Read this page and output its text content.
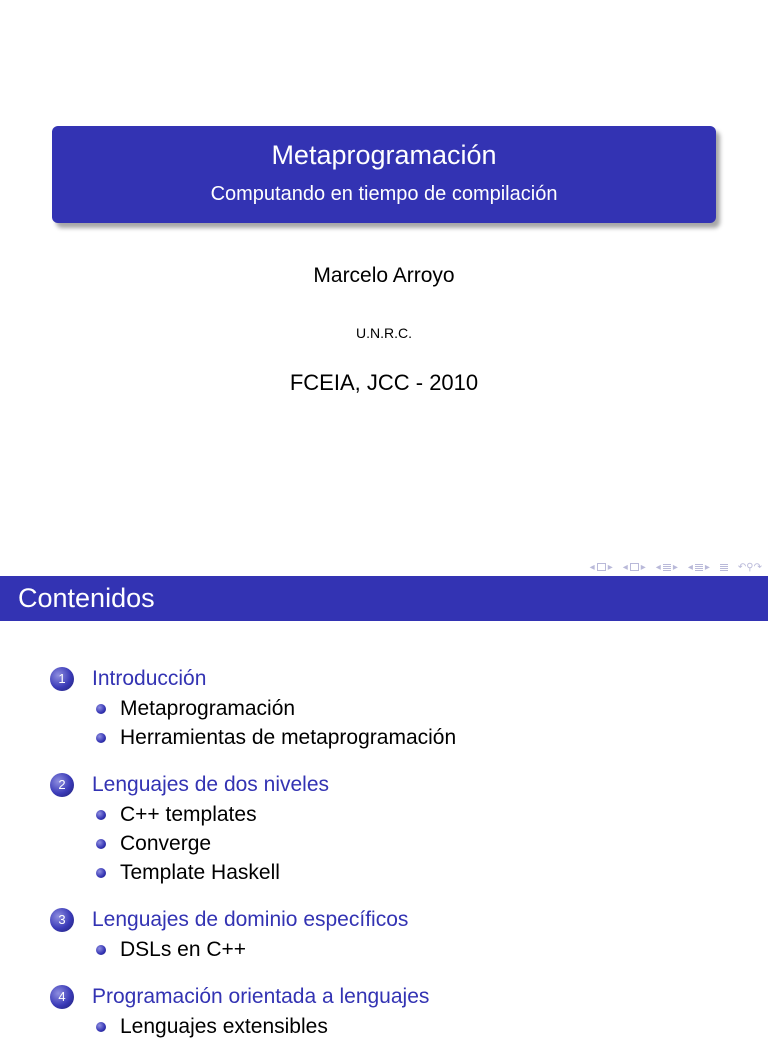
Metaprogramación
Computando en tiempo de compilación
Marcelo Arroyo
U.N.R.C.
FCEIA, JCC - 2010
◂ ▸ ◂ ▸ ◂ ▸ ◂ ▸	↶⚲↷
Contenidos
1	Introducción
Metaprogramación
Herramientas de metaprogramación
2	Lenguajes de dos niveles
C++ templates
Converge
Template Haskell
3	Lenguajes de dominio específicos
DSLs en C++
4	Programación orientada a lenguajes
Lenguajes extensibles
